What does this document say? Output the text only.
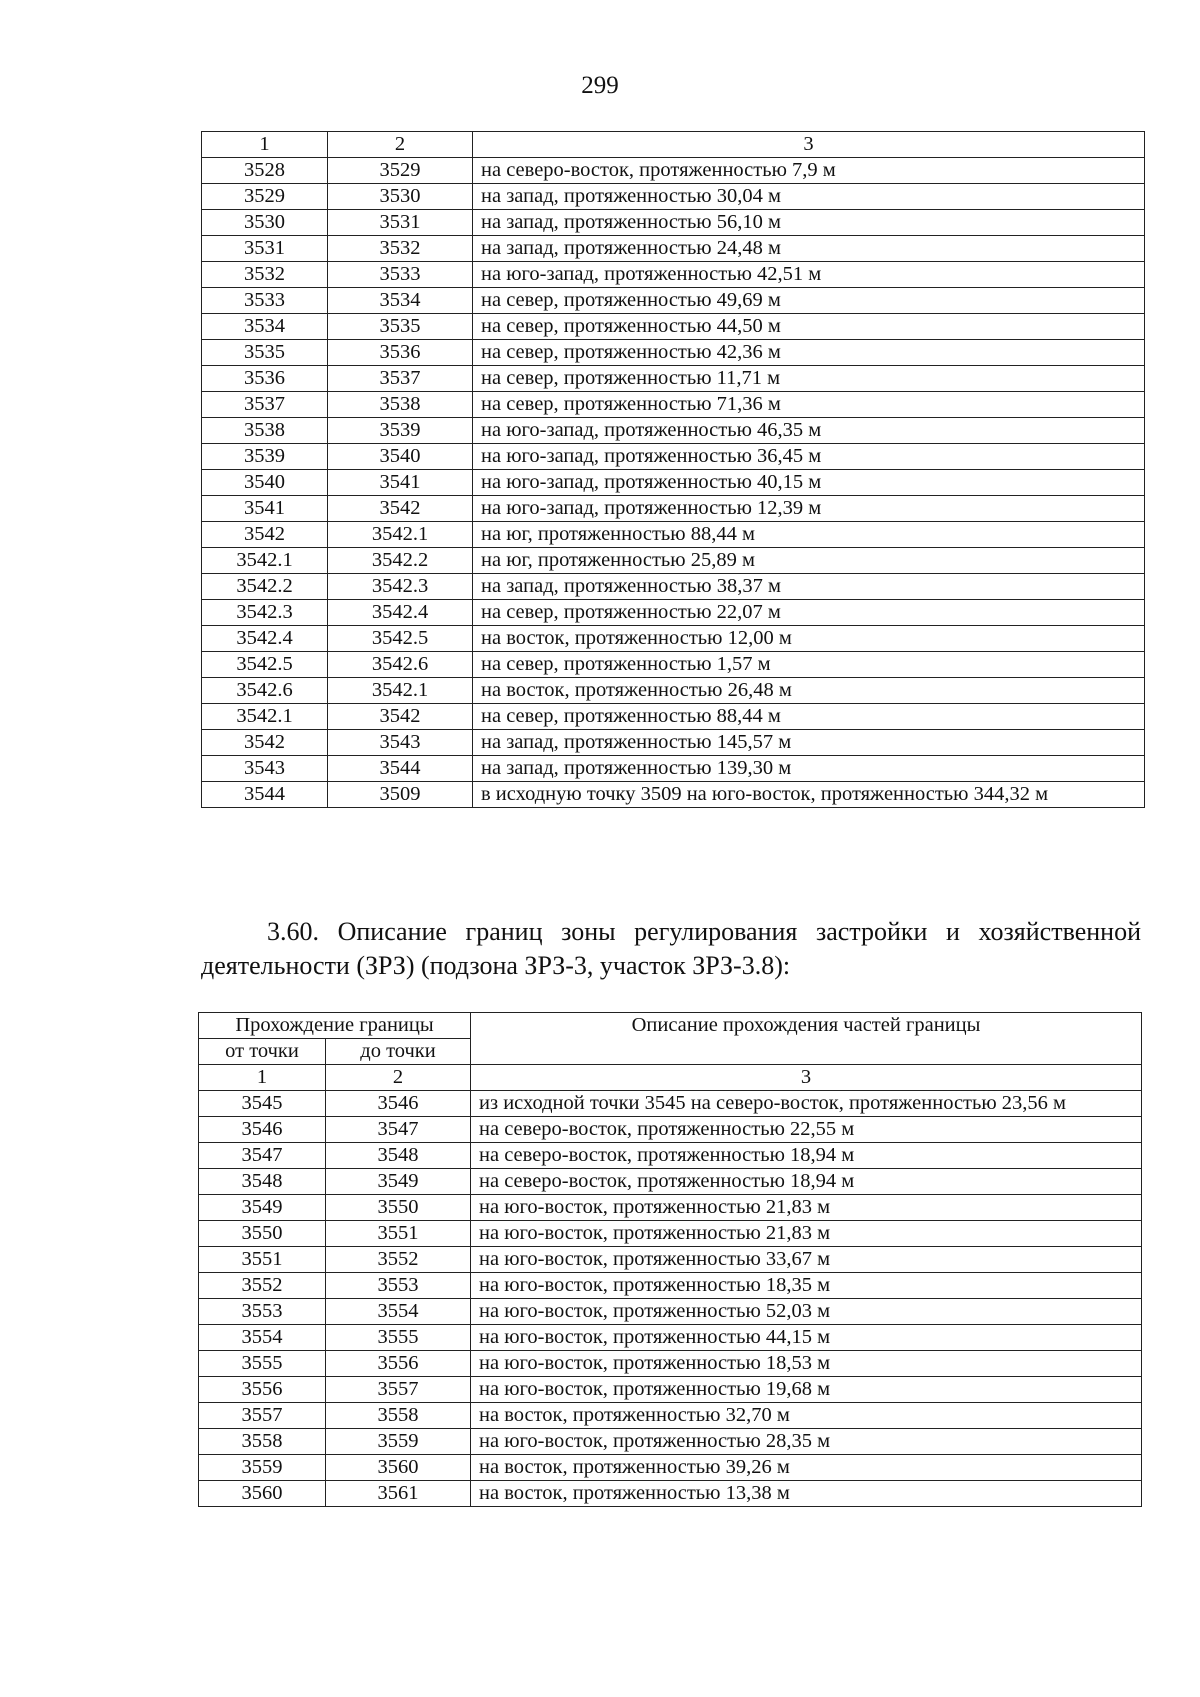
299
1	2	3
3528	3529	на северо-восток, протяженностью 7,9 м
3529	3530	на запад, протяженностью 30,04 м
3530	3531	на запад, протяженностью 56,10 м
3531	3532	на запад, протяженностью 24,48 м
3532	3533	на юго-запад, протяженностью 42,51 м
3533	3534	на север, протяженностью 49,69 м
3534	3535	на север, протяженностью 44,50 м
3535	3536	на север, протяженностью 42,36 м
3536	3537	на север, протяженностью 11,71 м
3537	3538	на север, протяженностью 71,36 м
3538	3539	на юго-запад, протяженностью 46,35 м
3539	3540	на юго-запад, протяженностью 36,45 м
3540	3541	на юго-запад, протяженностью 40,15 м
3541	3542	на юго-запад, протяженностью 12,39 м
3542	3542.1	на юг, протяженностью 88,44 м
3542.1	3542.2	на юг, протяженностью 25,89 м
3542.2	3542.3	на запад, протяженностью 38,37 м
3542.3	3542.4	на север, протяженностью 22,07 м
3542.4	3542.5	на восток, протяженностью 12,00 м
3542.5	3542.6	на север, протяженностью 1,57 м
3542.6	3542.1	на восток, протяженностью 26,48 м
3542.1	3542	на север, протяженностью 88,44 м
3542	3543	на запад, протяженностью 145,57 м
3543	3544	на запад, протяженностью 139,30 м
3544	3509	в исходную точку 3509 на юго-восток, протяженностью 344,32 м
3.60. Описание границ зоны регулирования застройки и хозяйственной деятельности (ЗРЗ) (подзона ЗРЗ-3, участок ЗРЗ-3.8):
Прохождение границы		Описание прохождения частей границы
от точки	до точки	
1	2	3
3545	3546	из исходной точки 3545 на северо-восток, протяженностью 23,56 м
3546	3547	на северо-восток, протяженностью 22,55 м
3547	3548	на северо-восток, протяженностью 18,94 м
3548	3549	на северо-восток, протяженностью 18,94 м
3549	3550	на юго-восток, протяженностью 21,83 м
3550	3551	на юго-восток, протяженностью 21,83 м
3551	3552	на юго-восток, протяженностью 33,67 м
3552	3553	на юго-восток, протяженностью 18,35 м
3553	3554	на юго-восток, протяженностью 52,03 м
3554	3555	на юго-восток, протяженностью 44,15 м
3555	3556	на юго-восток, протяженностью 18,53 м
3556	3557	на юго-восток, протяженностью 19,68 м
3557	3558	на восток, протяженностью 32,70 м
3558	3559	на юго-восток, протяженностью 28,35 м
3559	3560	на восток, протяженностью 39,26 м
3560	3561	на восток, протяженностью 13,38 м
